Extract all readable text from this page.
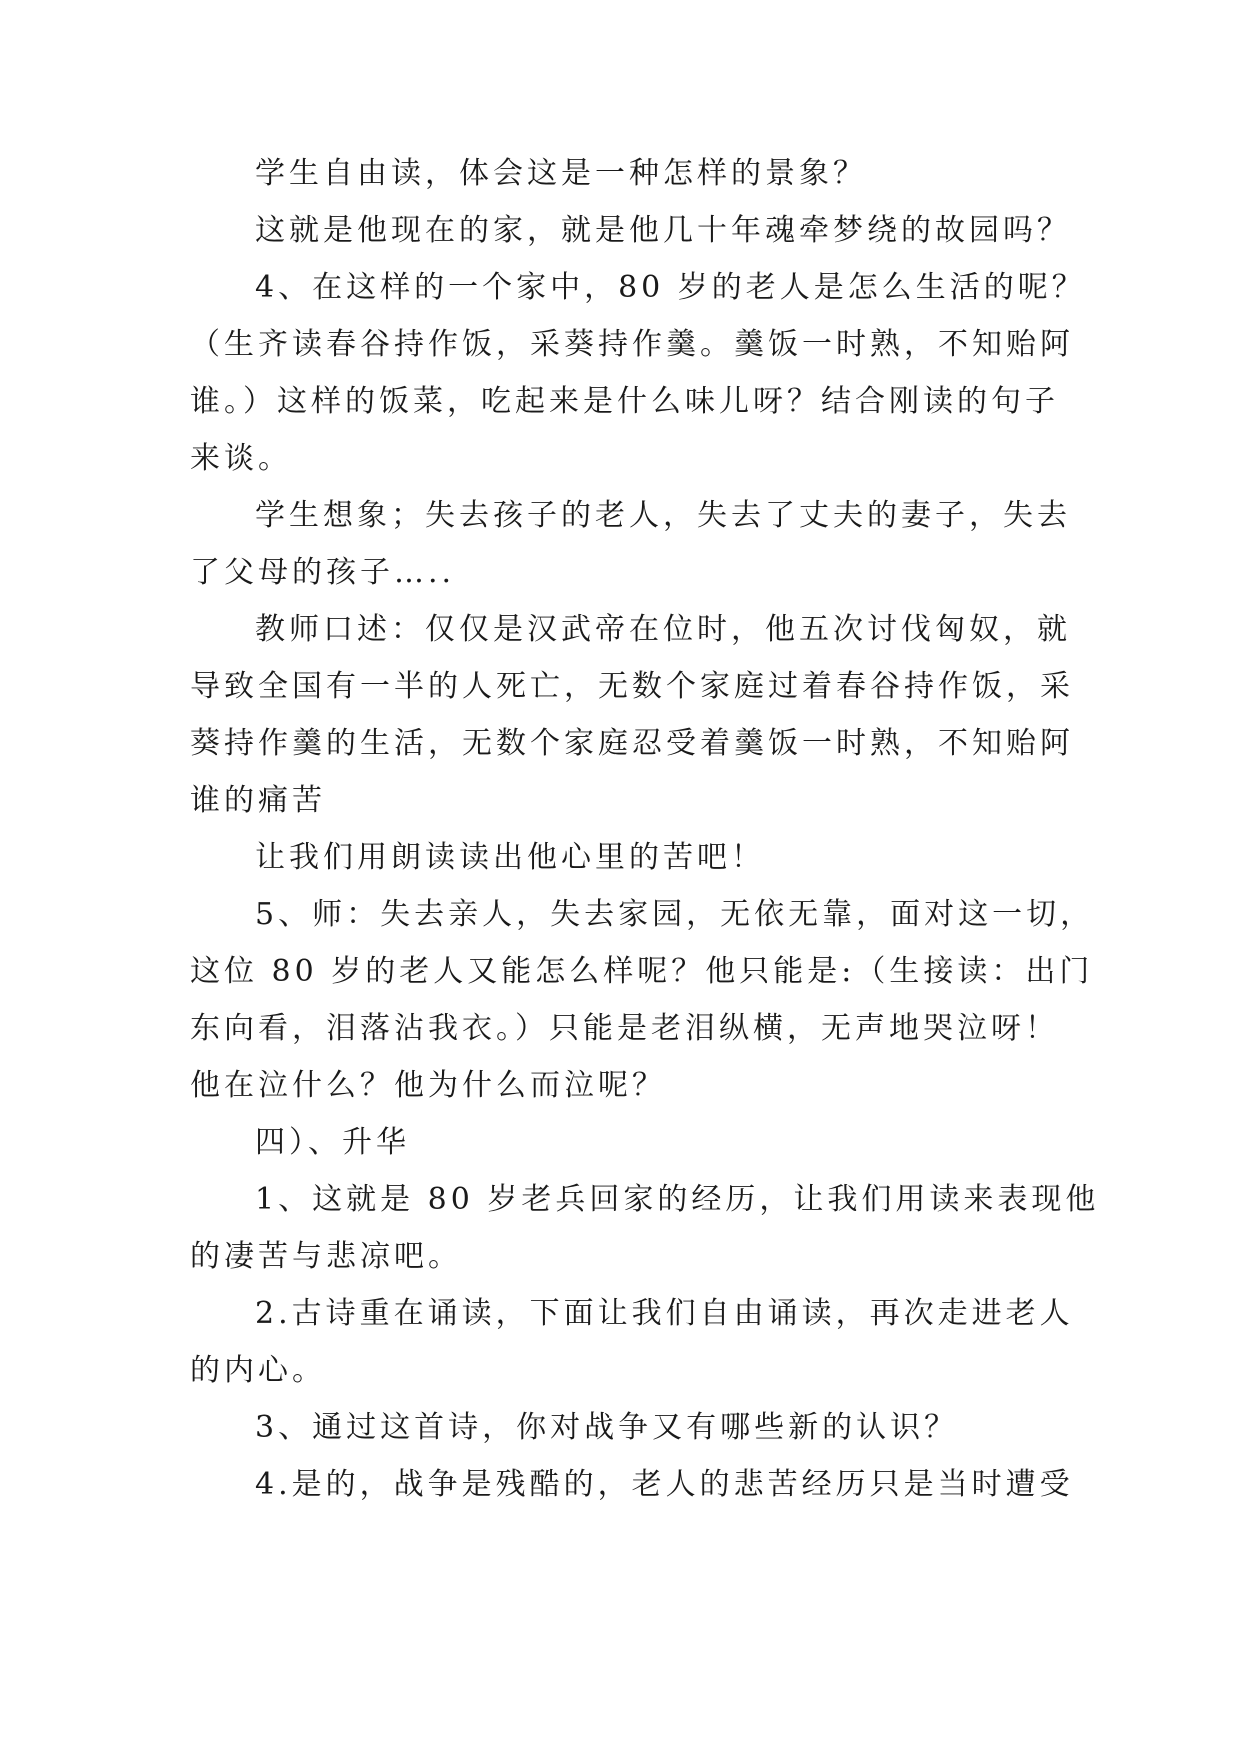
学生自由读，体会这是一种怎样的景象？
这就是他现在的家，就是他几十年魂牵梦绕的故园吗？
4、在这样的一个家中，80 岁的老人是怎么生活的呢？
（生齐读春谷持作饭，采葵持作羹。羹饭一时熟，不知贻阿
谁。）这样的饭菜，吃起来是什么味儿呀？结合刚读的句子
来谈。
学生想象；失去孩子的老人，失去了丈夫的妻子，失去
了父母的孩子…..
教师口述：仅仅是汉武帝在位时，他五次讨伐匈奴，就
导致全国有一半的人死亡，无数个家庭过着春谷持作饭，采
葵持作羹的生活，无数个家庭忍受着羹饭一时熟，不知贻阿
谁的痛苦
让我们用朗读读出他心里的苦吧！
5、师：失去亲人，失去家园，无依无靠，面对这一切，
这位 80 岁的老人又能怎么样呢？他只能是:（生接读：出门
东向看，泪落沾我衣。）只能是老泪纵横，无声地哭泣呀！
他在泣什么？他为什么而泣呢？
四）、升华
1、这就是 80 岁老兵回家的经历，让我们用读来表现他
的凄苦与悲凉吧。
2.古诗重在诵读，下面让我们自由诵读，再次走进老人
的内心。
3、通过这首诗，你对战争又有哪些新的认识？
4.是的，战争是残酷的，老人的悲苦经历只是当时遭受
